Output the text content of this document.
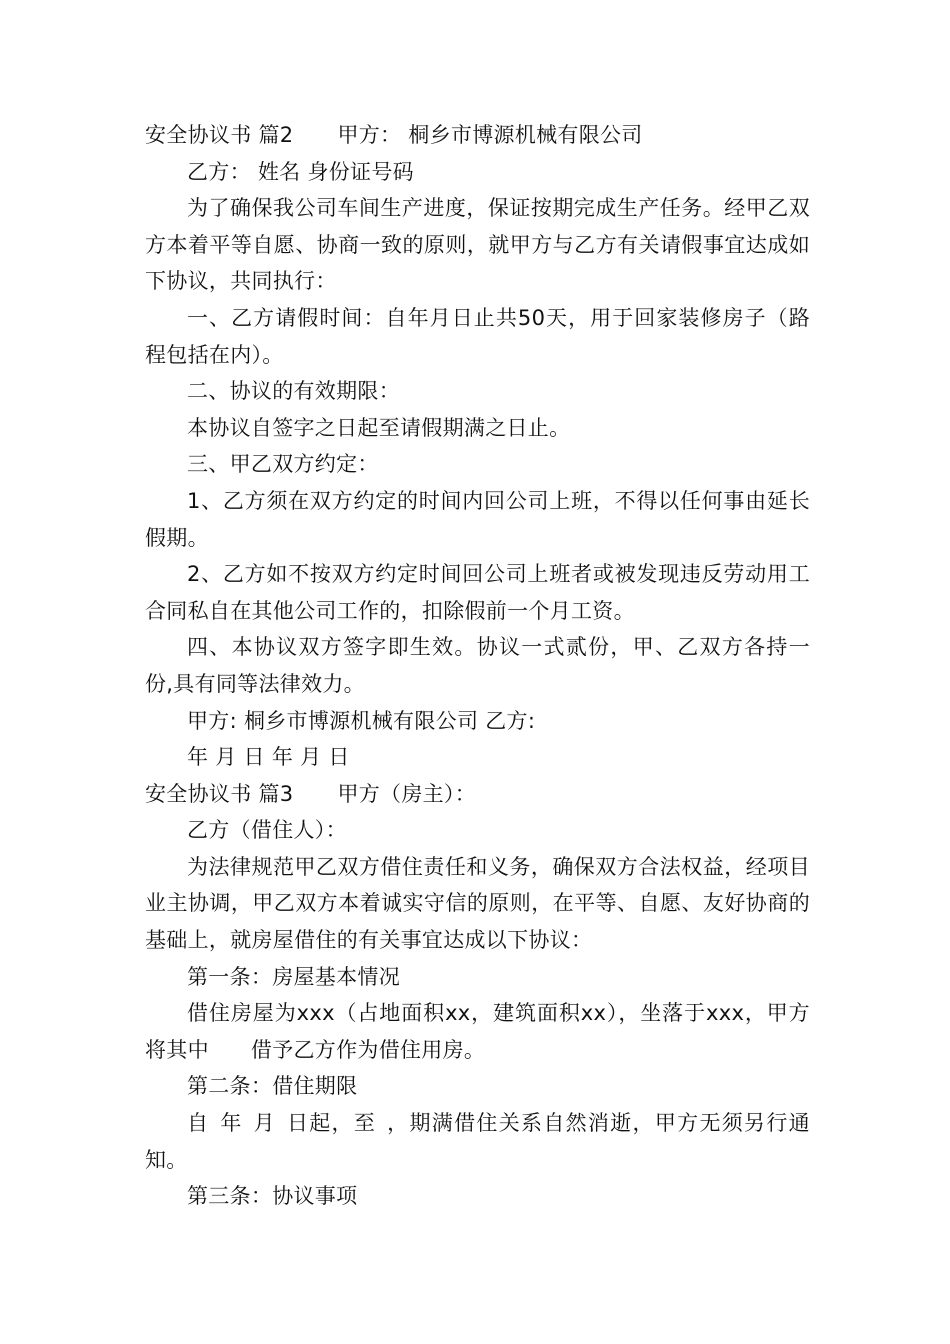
安全协议书 篇2 甲方： 桐乡市博源机械有限公司

乙方： 姓名 身份证号码

为了确保我公司车间生产进度，保证按期完成生产任务。经甲乙双方本着平等自愿、协商一致的原则，就甲方与乙方有关请假事宜达成如下协议，共同执行：

一、乙方请假时间：自年月日止共50天，用于回家装修房子（路程包括在内）。

二、协议的有效期限：

本协议自签字之日起至请假期满之日止。

三、甲乙双方约定：

1、乙方须在双方约定的时间内回公司上班，不得以任何事由延长假期。

2、乙方如不按双方约定时间回公司上班者或被发现违反劳动用工合同私自在其他公司工作的，扣除假前一个月工资。

四、本协议双方签字即生效。协议一式贰份，甲、乙双方各持一份,具有同等法律效力。

甲方: 桐乡市博源机械有限公司 乙方:

年 月 日 年 月 日

安全协议书 篇3 甲方（房主）：

乙方（借住人）：

为法律规范甲乙双方借住责任和义务，确保双方合法权益，经项目业主协调，甲乙双方本着诚实守信的原则，在平等、自愿、友好协商的基础上，就房屋借住的有关事宜达成以下协议：

第一条：房屋基本情况

借住房屋为xxx（占地面积xx，建筑面积xx），坐落于xxx，甲方将其中 借予乙方作为借住用房。

第二条：借住期限

自 年 月 日起，至 ，期满借住关系自然消逝，甲方无须另行通知。

第三条：协议事项
